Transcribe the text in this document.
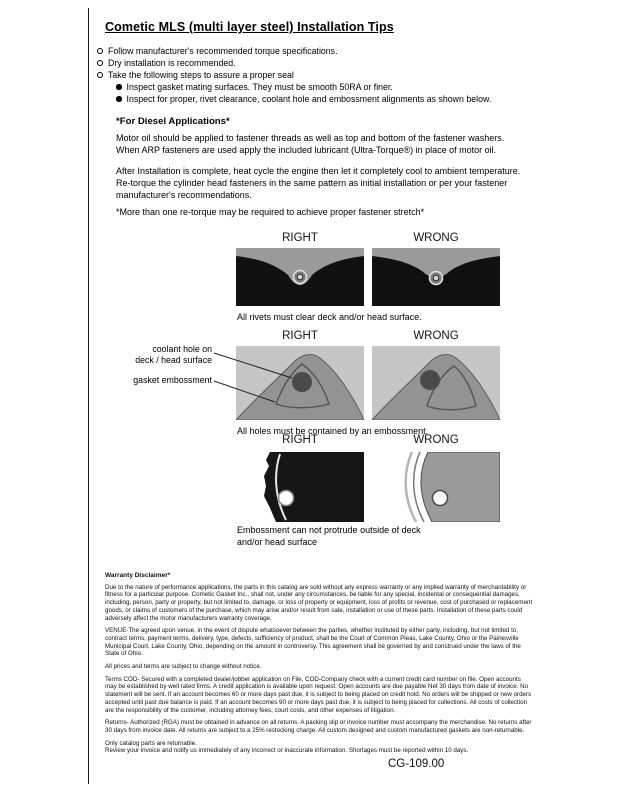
Cometic MLS (multi layer steel) Installation Tips
Follow manufacturer's recommended torque specifications.
Dry installation is recommended.
Take the following steps to assure a proper seal
Inspect gasket mating surfaces. They must be smooth 50RA or finer.
Inspect for proper, rivet clearance, coolant hole and embossment alignments as shown below.
*For Diesel Applications*
Motor oil should be applied to fastener threads as well as top and bottom of the fastener washers. When ARP fasteners are used apply the included lubricant (Ultra-Torque®) in place of motor oil.
After Installation is complete, heat cycle the engine then let it completely cool to ambient temperature. Re-torque the cylinder head fasteners in the same pattern as initial installation or per your fastener manufacturer's recommendations.
*More than one re-torque may be required to achieve proper fastener stretch*
RIGHT	WRONG
All rivets must clear deck and/or head surface.
RIGHT	WRONG
coolant hole on
deck / head surface
gasket embossment
All holes must be contained by an embossment.
RIGHT	WRONG
Embossment can not protrude outside of deck
and/or head surface
Warranty Disclaimer*
Due to the nature of performance applications, the parts in this catalog are sold without any express warranty or any implied warranty of merchantability or fitness for a particular purpose. Cometic Gasket Inc., shall not, under any circumstances, be liable for any special, incidental or consequential damages, including, person, party or property, but not limited to, damage, or loss of property or equipment, loss of profits or revenue, cost of purchased or replacement goods, or claims of customers of the purchase, which may arise and/or result from sale, installation or use of these parts. Installation of these parts could adversely affect the motor manufacturers warranty coverage.
VENUE-The agreed upon venue, in the event of dispute whatsoever between the parties, whether instituted by either party, including, but not limited to, contract terms, payment terms, delivery, type, defects, sufficiency of product, shall be the Court of Common Pleas, Lake County, Ohio or the Painesville Municipal Court, Lake County, Ohio, depending on the amount in controversy. This agreement shall be governed by and construed under the laws of the State of Ohio.
All prices and terms are subject to change without notice.
Terms COD- Secured with a completed dealer/jobber application on File, COD-Company check with a current credit card number on file. Open accounts may be established by well rated firms. A credit application is available upon request. Open accounts are due payable Net 30 days from date of invoice. No statement will be sent. If an account becomes 60 or more days past due, it is subject to being placed on credit hold. No orders will be shipped or new orders accepted until past due balance is paid. If an account becomes 90 or more days past due, it is subject to being placed for collections. All costs of collection are the responsibility of the customer, including attorney fees, court costs, and other expenses of litigation.
Returns- Authorized (RGA) must be obtained in advance on all returns. A packing slip or invoice number must accompany the merchandise. No returns after 30 days from invoice date. All returns are subject to a 25% restocking charge. All custom designed and custom manufactured gaskets are non-returnable.
Only catalog parts are returnable.
Review your invoice and notify us immediately of any incorrect or inaccurate information. Shortages must be reported within 10 days.
CG-109.00
